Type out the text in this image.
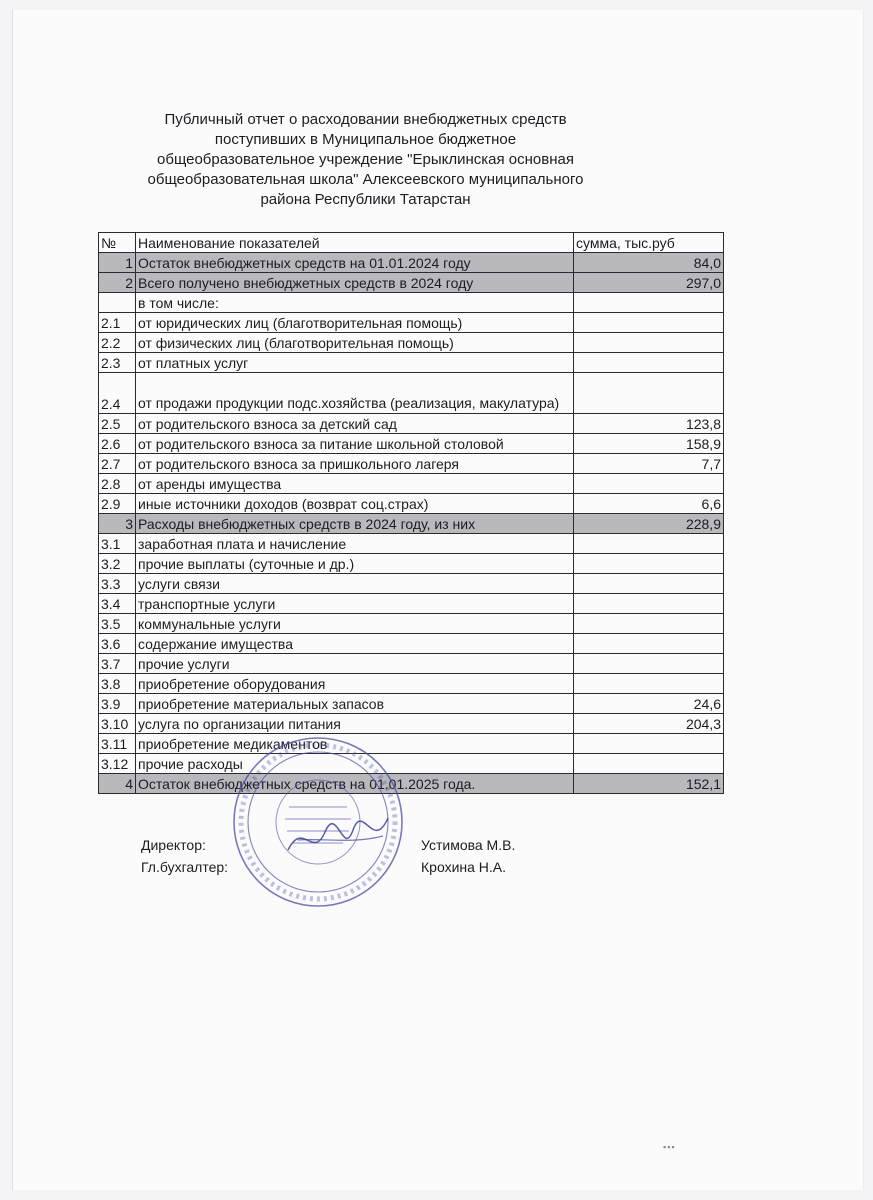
Публичный отчет о расходовании внебюджетных средств
поступивших в Муниципальное бюджетное
общеобразовательное учреждение "Ерыклинская основная
общеобразовательная школа" Алексеевского муниципального
района Республики Татарстан
№	Наименование показателей	сумма, тыс.руб
1	Остаток внебюджетных средств на 01.01.2024 году	84,0
2	Всего получено внебюджетных средств в 2024 году	297,0
	в том числе:	
2.1	от юридических лиц (благотворительная помощь)	
2.2	от физических лиц (благотворительная помощь)	
2.3	от платных услуг	
2.4	от продажи продукции подс.хозяйства (реализация, макулатура)	
2.5	от родительского взноса за детский сад	123,8
2.6	от родительского взноса за питание школьной столовой	158,9
2.7	от родительского взноса за пришкольного лагеря	7,7
2.8	от аренды имущества	
2.9	иные источники доходов (возврат соц.страх)	6,6
3	Расходы внебюджетных средств в 2024 году, из них	228,9
3.1	заработная плата и начисление	
3.2	прочие выплаты (суточные и др.)	
3.3	услуги связи	
3.4	транспортные услуги	
3.5	коммунальные услуги	
3.6	содержание имущества	
3.7	прочие услуги	
3.8	приобретение оборудования	
3.9	приобретение материальных запасов	24,6
3.10	услуга по организации питания	204,3
3.11	приобретение медикаментов	
3.12	прочие расходы	
4	Остаток внебюджетных средств на 01.01.2025 года.	152,1
Директор:	Устимова М.В.
Гл.бухгалтер:	Крохина Н.А.
▪▪▪
